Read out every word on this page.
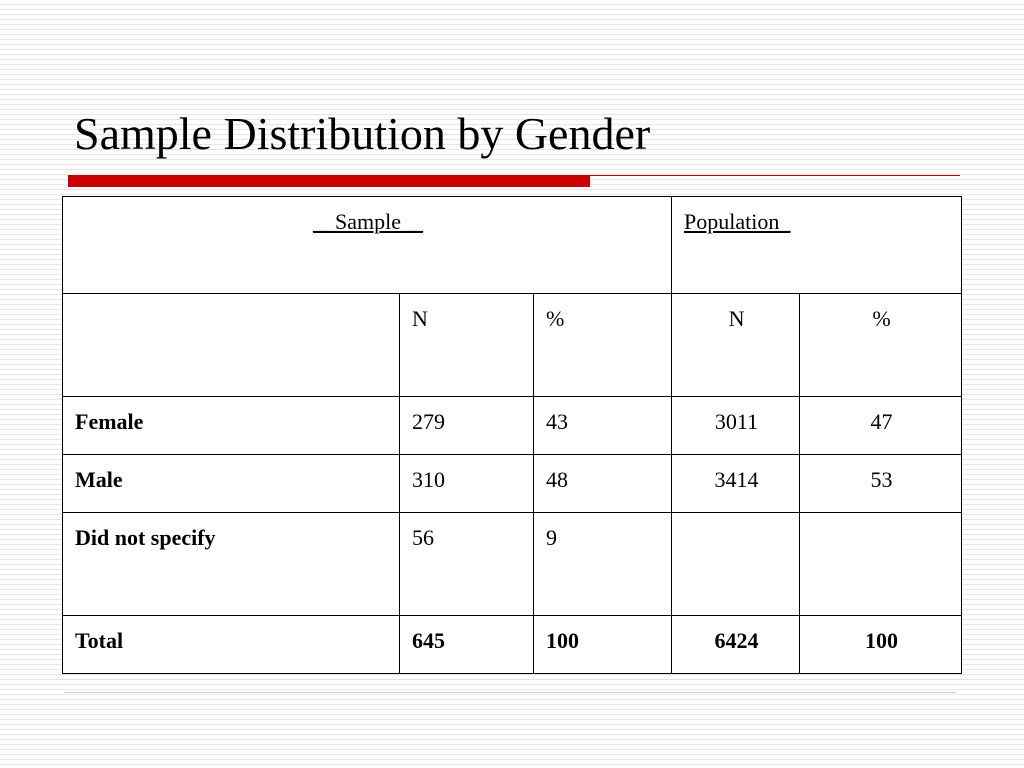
Sample Distribution by Gender
__Sample__			Population_	
	N	%	N	%
Female	279	43	3011	47
Male	310	48	3414	53
Did not specify	56	9		
Total	645	100	6424	100
